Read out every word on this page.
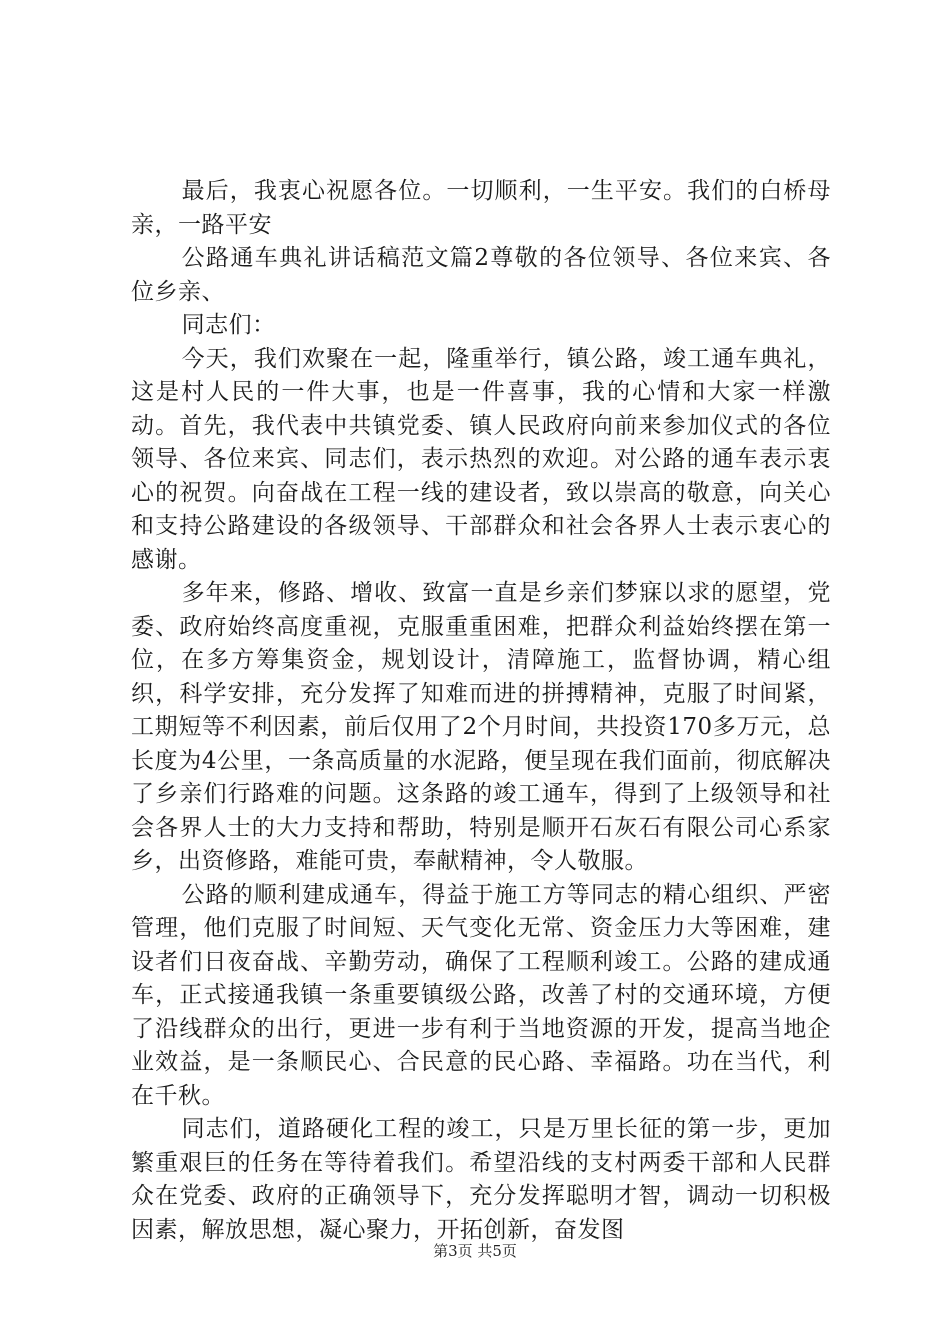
最后，我衷心祝愿各位。一切顺利，一生平安。我们的白桥母亲，一路平安

公路通车典礼讲话稿范文篇2尊敬的各位领导、各位来宾、各位乡亲、

同志们：

今天，我们欢聚在一起，隆重举行，镇公路，竣工通车典礼，这是村人民的一件大事，也是一件喜事，我的心情和大家一样激动。首先，我代表中共镇党委、镇人民政府向前来参加仪式的各位领导、各位来宾、同志们，表示热烈的欢迎。对公路的通车表示衷心的祝贺。向奋战在工程一线的建设者，致以崇高的敬意，向关心和支持公路建设的各级领导、干部群众和社会各界人士表示衷心的感谢。

多年来，修路、增收、致富一直是乡亲们梦寐以求的愿望，党委、政府始终高度重视，克服重重困难，把群众利益始终摆在第一位，在多方筹集资金，规划设计，清障施工，监督协调，精心组织，科学安排，充分发挥了知难而进的拼搏精神，克服了时间紧，工期短等不利因素，前后仅用了2个月时间，共投资170多万元，总长度为4公里，一条高质量的水泥路，便呈现在我们面前，彻底解决了乡亲们行路难的问题。这条路的竣工通车，得到了上级领导和社会各界人士的大力支持和帮助，特别是顺开石灰石有限公司心系家乡，出资修路，难能可贵，奉献精神，令人敬服。

公路的顺利建成通车，得益于施工方等同志的精心组织、严密管理，他们克服了时间短、天气变化无常、资金压力大等困难，建设者们日夜奋战、辛勤劳动，确保了工程顺利竣工。公路的建成通车，正式接通我镇一条重要镇级公路，改善了村的交通环境，方便了沿线群众的出行，更进一步有利于当地资源的开发，提高当地企业效益，是一条顺民心、合民意的民心路、幸福路。功在当代，利在千秋。

同志们，道路硬化工程的竣工，只是万里长征的第一步，更加繁重艰巨的任务在等待着我们。希望沿线的支村两委干部和人民群众在党委、政府的正确领导下，充分发挥聪明才智，调动一切积极因素，解放思想，凝心聚力，开拓创新，奋发图

第3页 共5页
